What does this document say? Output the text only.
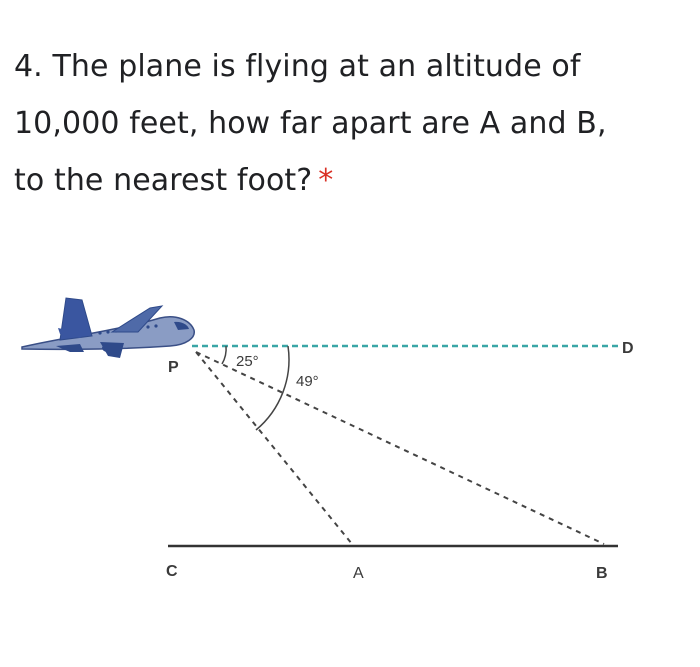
4. The plane is flying at an altitude of
10,000 feet, how far apart are A and B,
to the nearest foot? *
P
D
C	A	B
25°
49°
